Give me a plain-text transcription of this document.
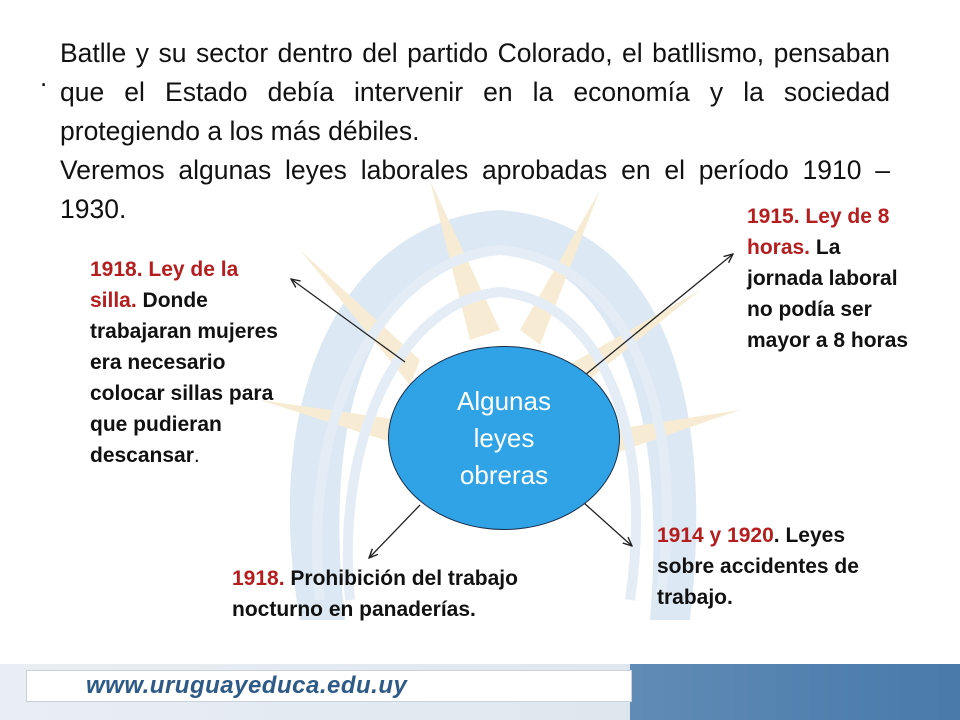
.

Batlle y su sector dentro del partido Colorado, el batllismo, pensaban que el Estado debía intervenir en la economía y la sociedad protegiendo a los más débiles.

Veremos algunas leyes laborales aprobadas en el período 1910 – 1930.

Algunas leyes obreras
1918. Ley de la silla. Donde trabajaran mujeres era necesario colocar sillas para que pudieran descansar.
1915. Ley de 8 horas. La jornada laboral no podía ser mayor a 8 horas
1918. Prohibición del trabajo nocturno en panaderías.
1914 y 1920. Leyes sobre accidentes de trabajo.
www.uruguayeduca.edu.uy
